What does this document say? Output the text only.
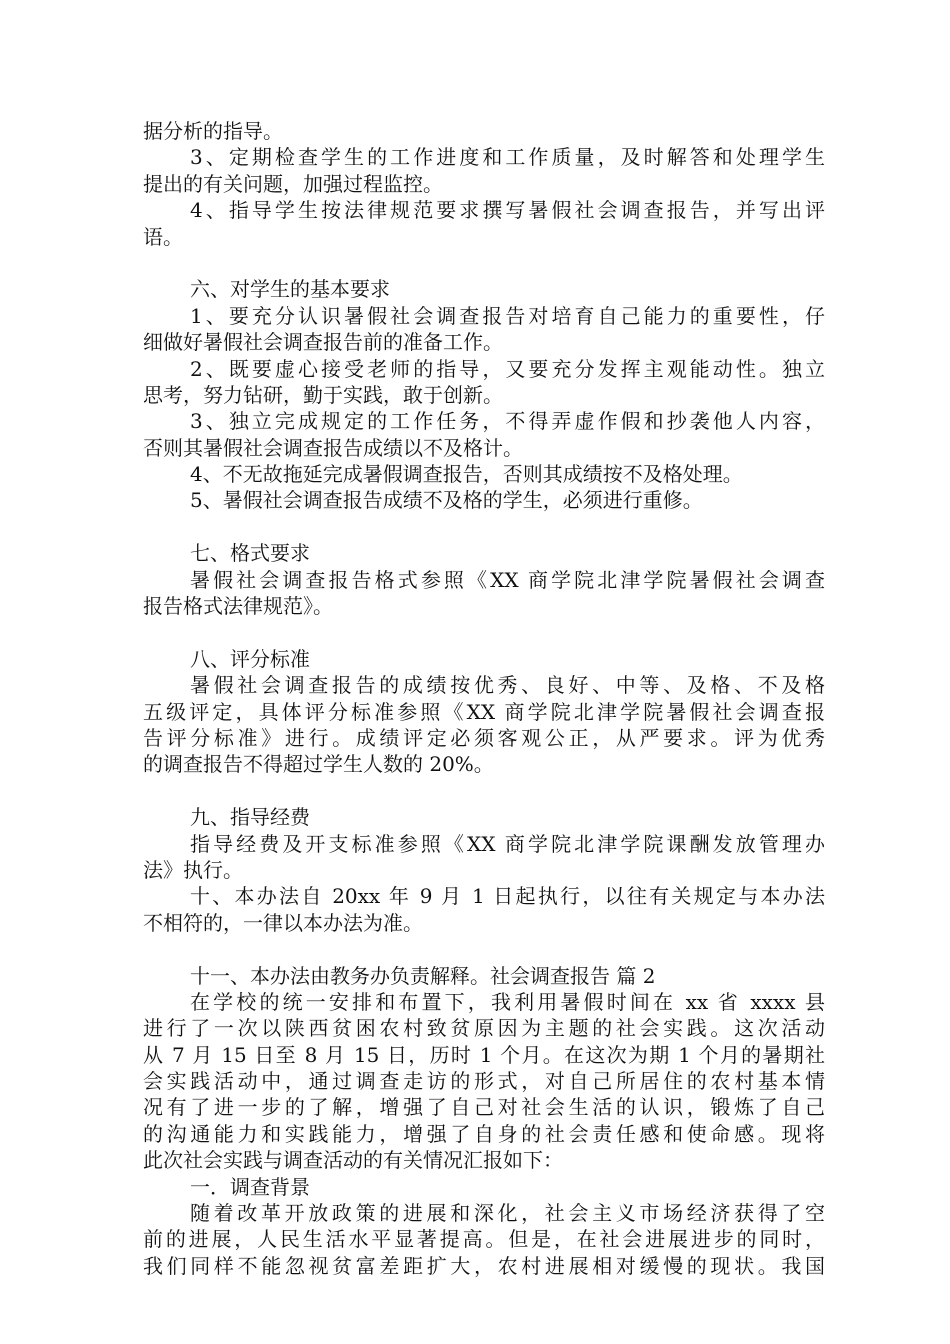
据分析的指导。
3、定期检查学生的工作进度和工作质量，及时解答和处理学生
提出的有关问题，加强过程监控。
4、指导学生按法律规范要求撰写暑假社会调查报告，并写出评
语。
六、对学生的基本要求
1、要充分认识暑假社会调查报告对培育自己能力的重要性，仔
细做好暑假社会调查报告前的准备工作。
2、既要虚心接受老师的指导，又要充分发挥主观能动性。独立
思考，努力钻研，勤于实践，敢于创新。
3、独立完成规定的工作任务，不得弄虚作假和抄袭他人内容，
否则其暑假社会调查报告成绩以不及格计。
4、不无故拖延完成暑假调查报告，否则其成绩按不及格处理。
5、暑假社会调查报告成绩不及格的学生，必须进行重修。
七、格式要求
暑假社会调查报告格式参照《XX 商学院北津学院暑假社会调查
报告格式法律规范》。
八、评分标准
暑假社会调查报告的成绩按优秀、良好、中等、及格、不及格
五级评定，具体评分标准参照《XX 商学院北津学院暑假社会调查报
告评分标准》进行。成绩评定必须客观公正，从严要求。评为优秀
的调查报告不得超过学生人数的 20%。
九、指导经费
指导经费及开支标准参照《XX 商学院北津学院课酬发放管理办
法》执行。
十、本办法自 20xx 年 9 月 1 日起执行，以往有关规定与本办法
不相符的，一律以本办法为准。
十一、本办法由教务办负责解释。社会调查报告 篇 2
在学校的统一安排和布置下，我利用暑假时间在 xx 省 xxxx 县
进行了一次以陕西贫困农村致贫原因为主题的社会实践。这次活动
从 7 月 15 日至 8 月 15 日，历时 1 个月。在这次为期 1 个月的暑期社
会实践活动中，通过调查走访的形式，对自己所居住的农村基本情
况有了进一步的了解，增强了自己对社会生活的认识，锻炼了自己
的沟通能力和实践能力，增强了自身的社会责任感和使命感。现将
此次社会实践与调查活动的有关情况汇报如下：
一．调查背景
随着改革开放政策的进展和深化，社会主义市场经济获得了空
前的进展，人民生活水平显著提高。但是，在社会进展进步的同时，
我们同样不能忽视贫富差距扩大，农村进展相对缓慢的现状。我国
